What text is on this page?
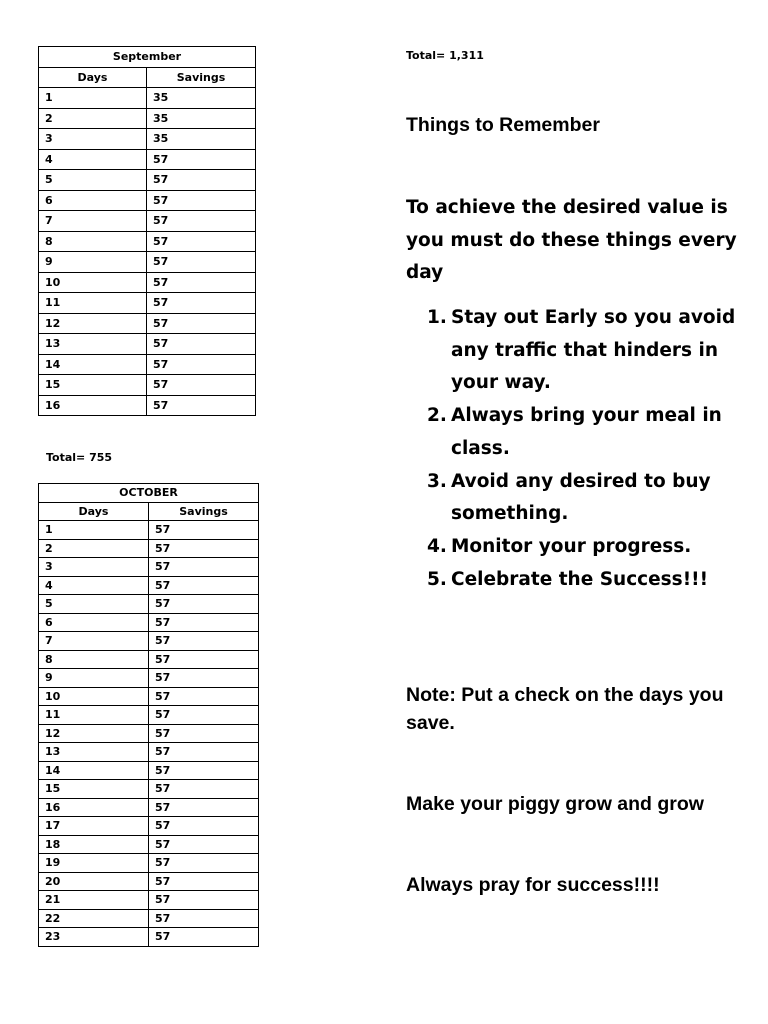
September	
Days	Savings
1	35
2	35
3	35
4	57
5	57
6	57
7	57
8	57
9	57
10	57
11	57
12	57
13	57
14	57
15	57
16	57
Total= 755
OCTOBER	
Days	Savings
1	57
2	57
3	57
4	57
5	57
6	57
7	57
8	57
9	57
10	57
11	57
12	57
13	57
14	57
15	57
16	57
17	57
18	57
19	57
20	57
21	57
22	57
23	57
Total= 1,311
Things to Remember
To achieve the desired value is you must do these things every day
1. Stay out Early so you avoid any traffic that hinders in your way.
2. Always bring your meal in class.
3. Avoid any desired to buy something.
4. Monitor your progress.
5. Celebrate the Success!!!
Note: Put a check on the days you save.
Make your piggy grow and grow
Always pray for success!!!!
